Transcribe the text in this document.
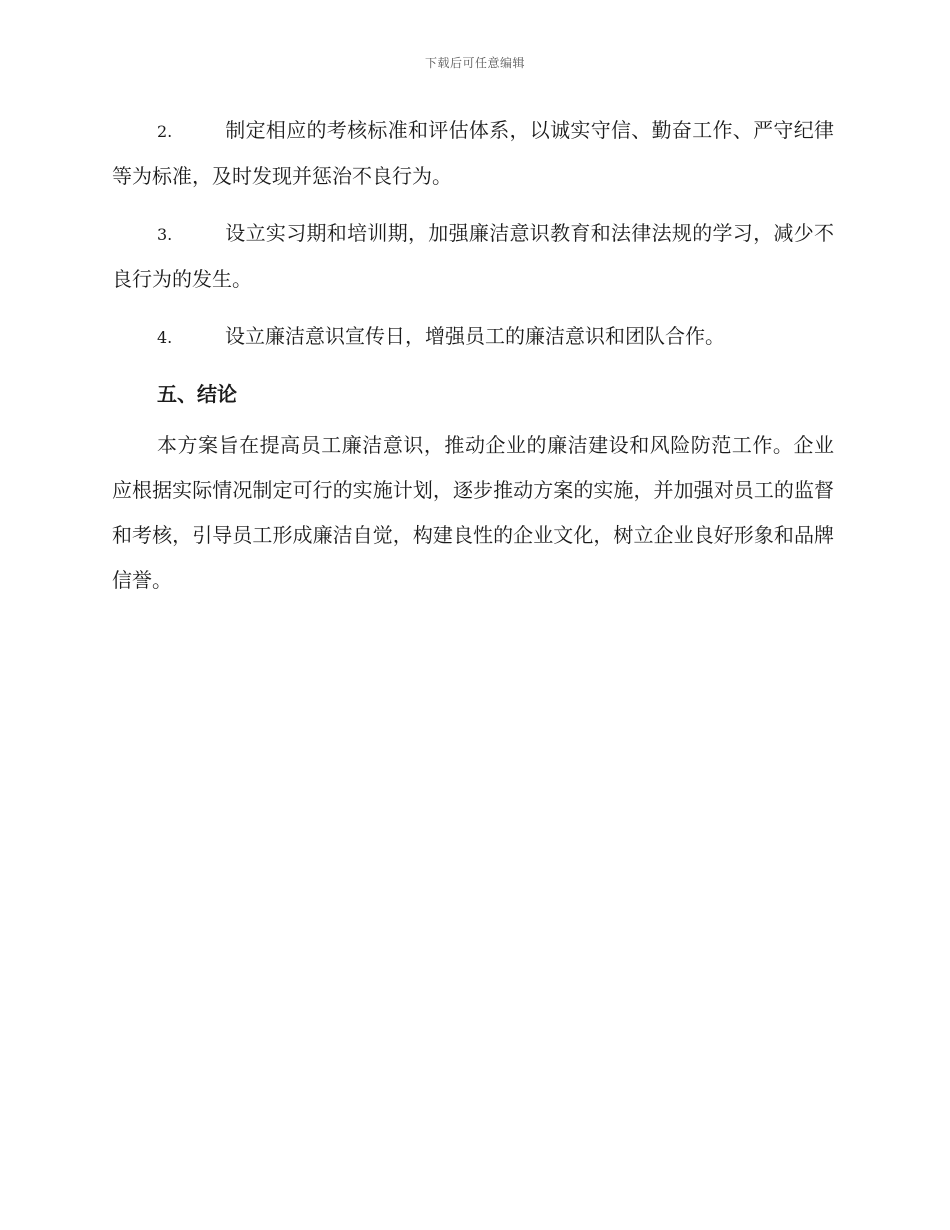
下载后可任意编辑

2.	制定相应的考核标准和评估体系，以诚实守信、勤奋工作、严守纪律等为标准，及时发现并惩治不良行为。

3.	设立实习期和培训期，加强廉洁意识教育和法律法规的学习，减少不良行为的发生。

4.	设立廉洁意识宣传日，增强员工的廉洁意识和团队合作。

五、结论

本方案旨在提高员工廉洁意识，推动企业的廉洁建设和风险防范工作。企业应根据实际情况制定可行的实施计划，逐步推动方案的实施，并加强对员工的监督和考核，引导员工形成廉洁自觉，构建良性的企业文化，树立企业良好形象和品牌信誉。
